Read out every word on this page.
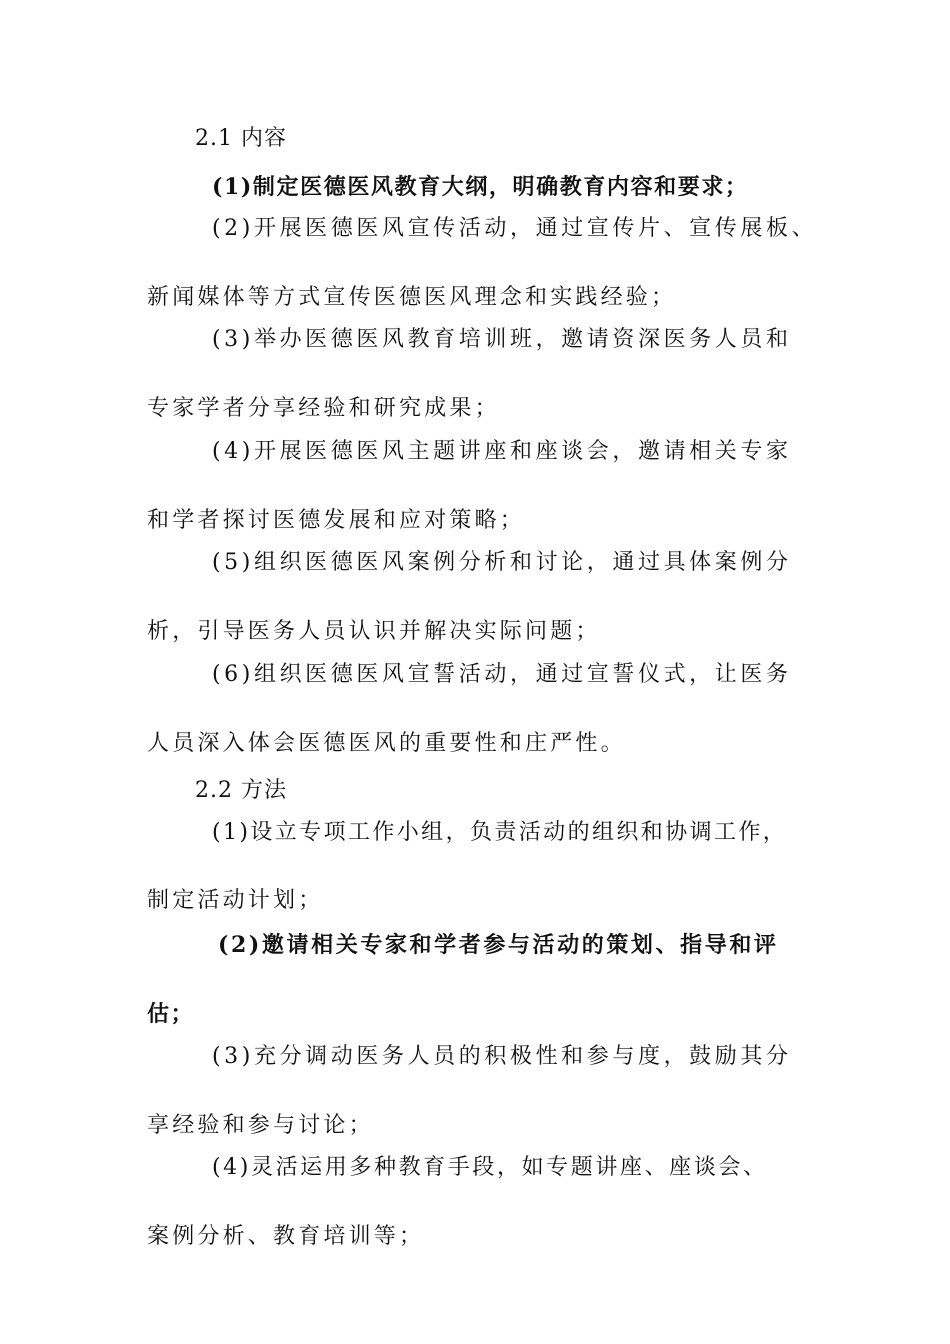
2.1 内容
(1)制定医德医风教育大纲，明确教育内容和要求；
(2)开展医德医风宣传活动，通过宣传片、宣传展板、
新闻媒体等方式宣传医德医风理念和实践经验；
(3)举办医德医风教育培训班，邀请资深医务人员和
专家学者分享经验和研究成果；
(4)开展医德医风主题讲座和座谈会，邀请相关专家
和学者探讨医德发展和应对策略；
(5)组织医德医风案例分析和讨论，通过具体案例分
析，引导医务人员认识并解决实际问题；
(6)组织医德医风宣誓活动，通过宣誓仪式，让医务
人员深入体会医德医风的重要性和庄严性。
2.2 方法
(1)设立专项工作小组，负责活动的组织和协调工作，
制定活动计划；
(2)邀请相关专家和学者参与活动的策划、指导和评
估；
(3)充分调动医务人员的积极性和参与度，鼓励其分
享经验和参与讨论；
(4)灵活运用多种教育手段，如专题讲座、座谈会、
案例分析、教育培训等；
